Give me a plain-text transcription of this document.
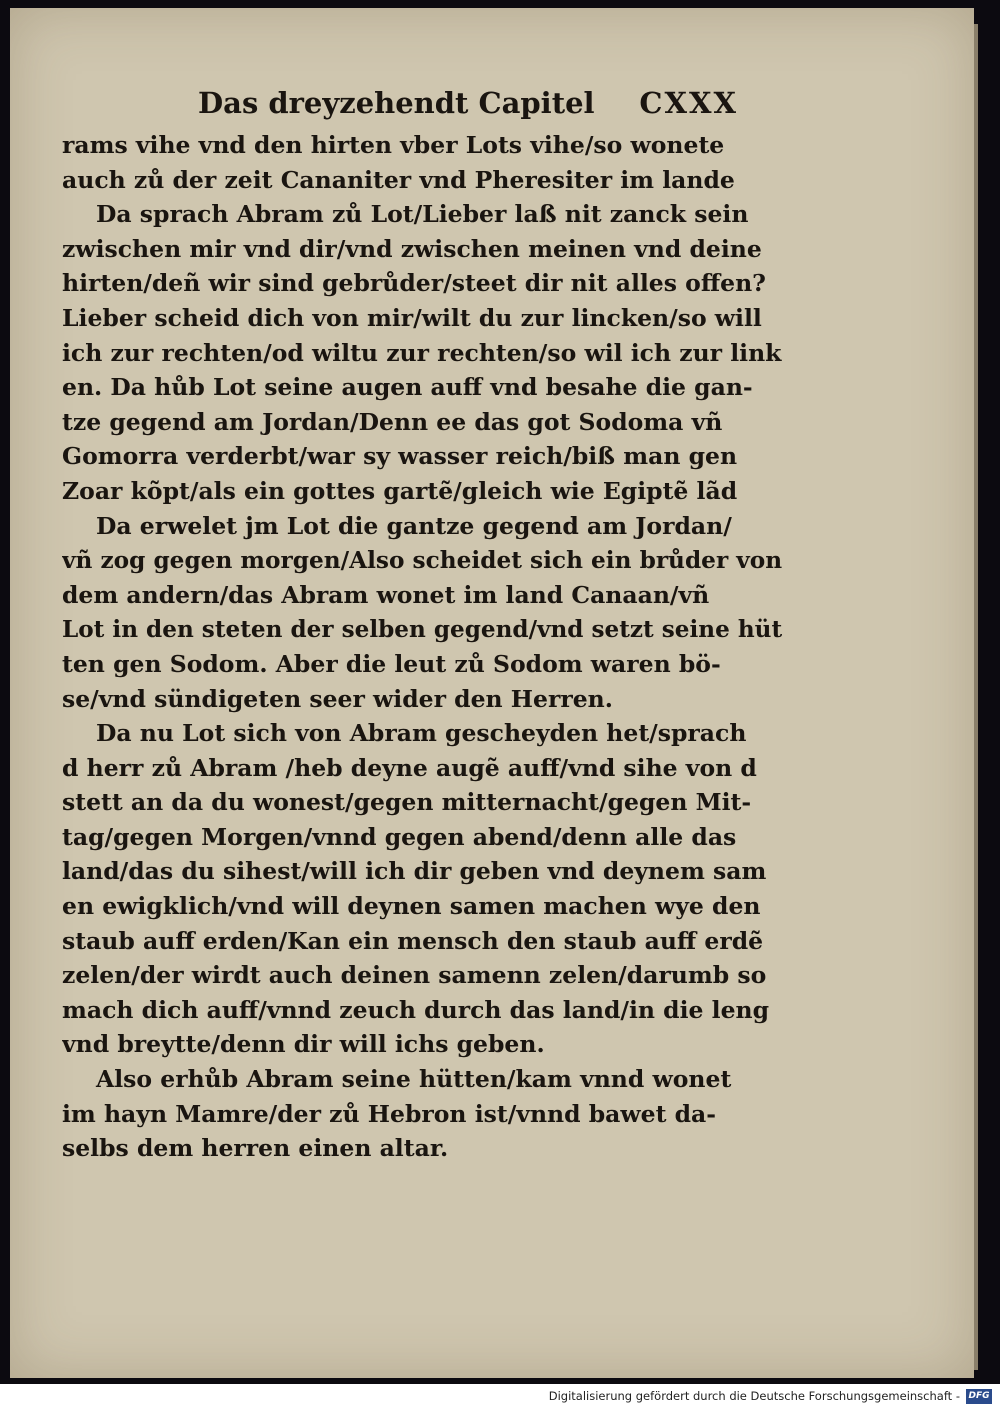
Das dreyzehendt Capitel CXXX
rams vihe vnd den hirten vber Lots vihe/so wonete
auch zů der zeit Cananiter vnd Pheresiter im lande
Da sprach Abram zů Lot/Lieber laß nit zanck sein
zwischen mir vnd dir/vnd zwischen meinen vnd deine
hirten/deñ wir sind gebrůder/steet dir nit alles offen?
Lieber scheid dich von mir/wilt du zur lincken/so will
ich zur rechten/od wiltu zur rechten/so wil ich zur link
en. Da hůb Lot seine augen auff vnd besahe die gan-
tze gegend am Jordan/Denn ee das got Sodoma vñ
Gomorra verderbt/war sy wasser reich/biß man gen
Zoar kõpt/als ein gottes gartẽ/gleich wie Egiptẽ lãd
Da erwelet jm Lot die gantze gegend am Jordan/
vñ zog gegen morgen/Also scheidet sich ein brůder von
dem andern/das Abram wonet im land Canaan/vñ
Lot in den steten der selben gegend/vnd setzt seine hüt
ten gen Sodom. Aber die leut zů Sodom waren bö-
se/vnd sündigeten seer wider den Herren.
Da nu Lot sich von Abram gescheyden het/sprach
d herr zů Abram /heb deyne augẽ auff/vnd sihe von d
stett an da du wonest/gegen mitternacht/gegen Mit-
tag/gegen Morgen/vnnd gegen abend/denn alle das
land/das du sihest/will ich dir geben vnd deynem sam
en ewigklich/vnd will deynen samen machen wye den
staub auff erden/Kan ein mensch den staub auff erdẽ
zelen/der wirdt auch deinen samenn zelen/darumb so
mach dich auff/vnnd zeuch durch das land/in die leng
vnd breytte/denn dir will ichs geben.
Also erhůb Abram seine hütten/kam vnnd wonet
im hayn Mamre/der zů Hebron ist/vnnd bawet da-
selbs dem herren einen altar.
Digitalisierung gefördert durch die Deutsche Forschungsgemeinschaft - DFG
